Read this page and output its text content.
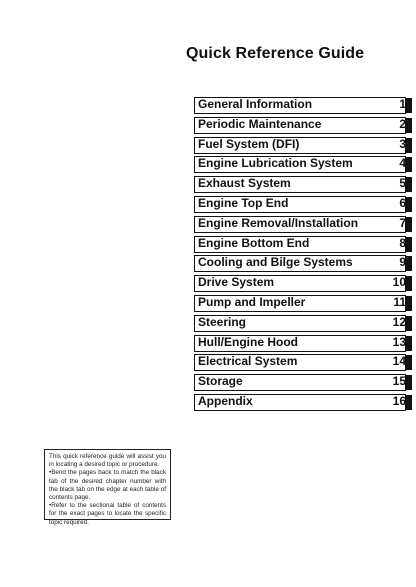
Quick Reference Guide
General Information	1
Periodic Maintenance	2
Fuel System (DFI)	3
Engine Lubrication System	4
Exhaust System	5
Engine Top End	6
Engine Removal/Installation	7
Engine Bottom End	8
Cooling and Bilge Systems	9
Drive System	10
Pump and Impeller	11
Steering	12
Hull/Engine Hood	13
Electrical System	14
Storage	15
Appendix	16

This quick reference guide will assist you in locating a desired topic or procedure.

•Bend the pages back to match the black tab of the desired chapter number with the black tab on the edge at each table of contents page.

•Refer to the sectional table of contents for the exact pages to locate the specific topic required.
